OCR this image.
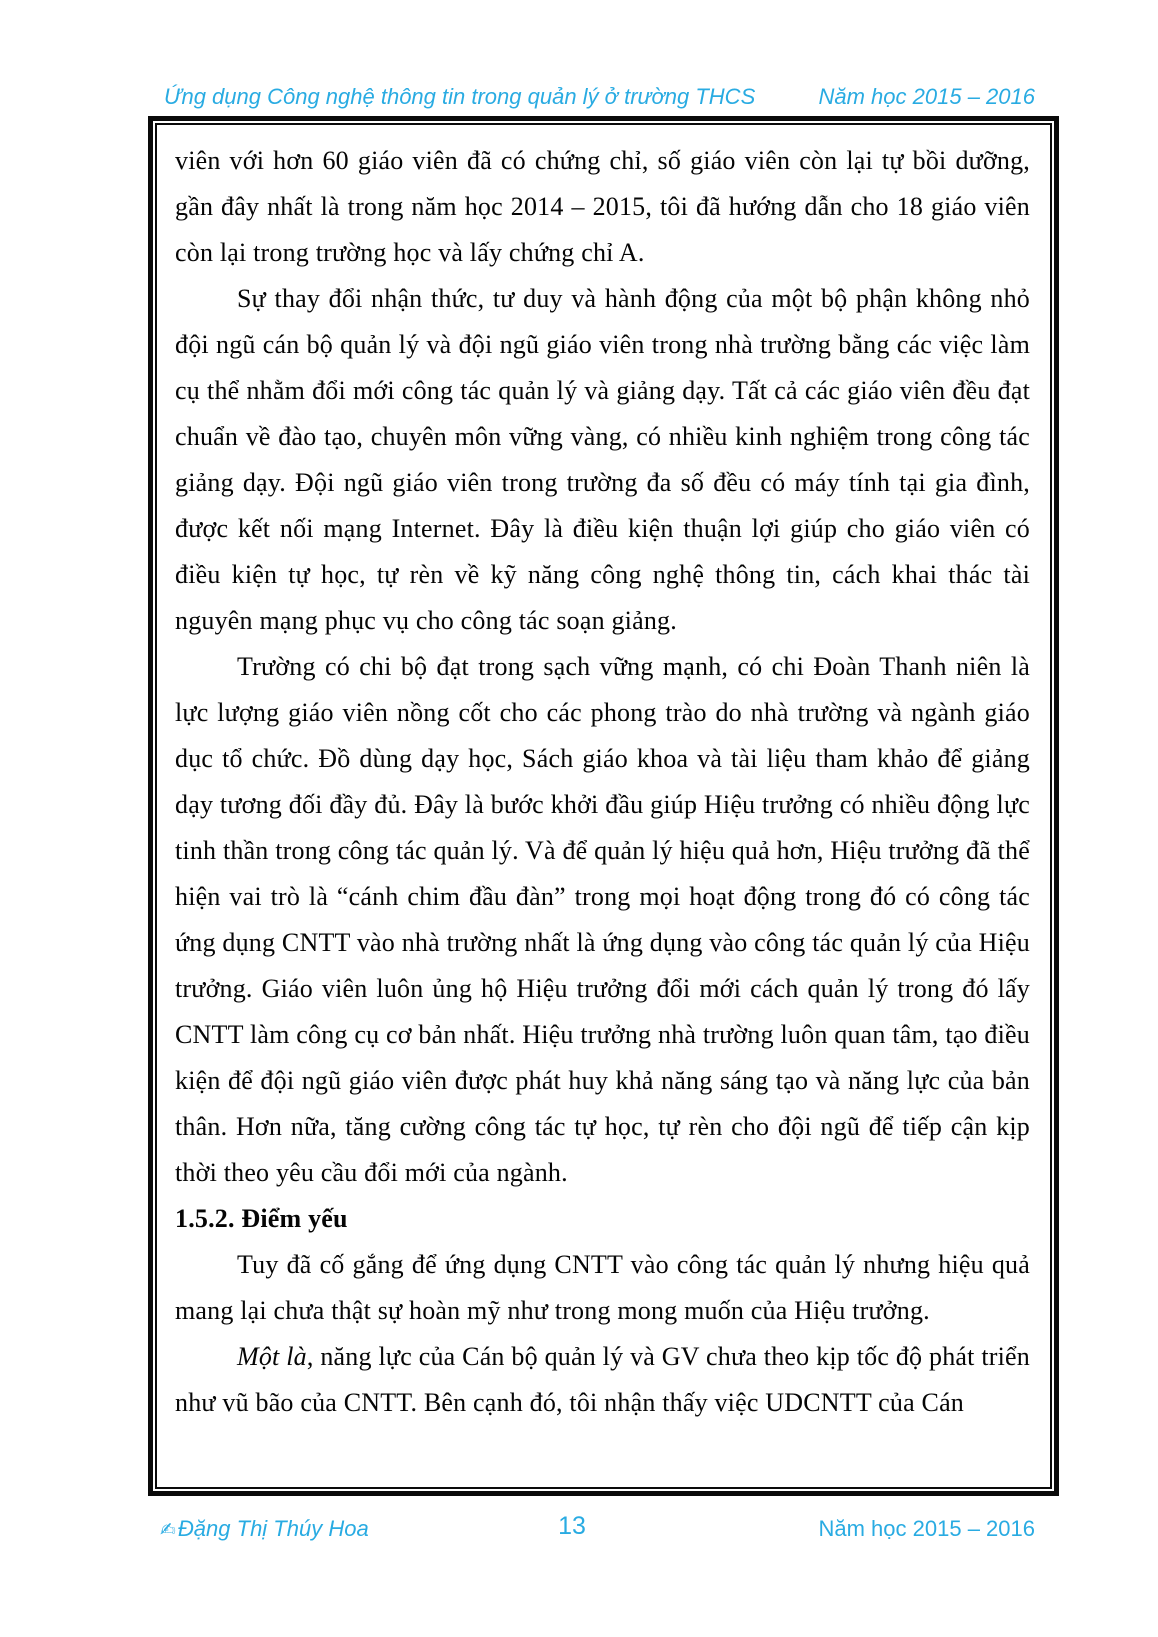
Ứng dụng Công nghệ thông tin trong quản lý ở trường THCS	Năm học 2015 – 2016

viên với hơn 60 giáo viên đã có chứng chỉ, số giáo viên còn lại tự bồi dưỡng, gần đây nhất là trong năm học 2014 – 2015, tôi đã hướng dẫn cho 18 giáo viên còn lại trong trường học và lấy chứng chỉ A.

Sự thay đổi nhận thức, tư duy và hành động của một bộ phận không nhỏ đội ngũ cán bộ quản lý và đội ngũ giáo viên trong nhà trường bằng các việc làm cụ thể nhằm đổi mới công tác quản lý và giảng dạy. Tất cả các giáo viên đều đạt chuẩn về đào tạo, chuyên môn vững vàng, có nhiều kinh nghiệm trong công tác giảng dạy. Đội ngũ giáo viên trong trường đa số đều có máy tính tại gia đình, được kết nối mạng Internet. Đây là điều kiện thuận lợi giúp cho giáo viên có điều kiện tự học, tự rèn về kỹ năng công nghệ thông tin, cách khai thác tài nguyên mạng phục vụ cho công tác soạn giảng.

Trường có chi bộ đạt trong sạch vững mạnh, có chi Đoàn Thanh niên là lực lượng giáo viên nồng cốt cho các phong trào do nhà trường và ngành giáo dục tổ chức. Đồ dùng dạy học, Sách giáo khoa và tài liệu tham khảo để giảng dạy tương đối đầy đủ. Đây là bước khởi đầu giúp Hiệu trưởng có nhiều động lực tinh thần trong công tác quản lý. Và để quản lý hiệu quả hơn, Hiệu trưởng đã thể hiện vai trò là “cánh chim đầu đàn” trong mọi hoạt động trong đó có công tác ứng dụng CNTT vào nhà trường nhất là ứng dụng vào công tác quản lý của Hiệu trưởng. Giáo viên luôn ủng hộ Hiệu trưởng đổi mới cách quản lý trong đó lấy CNTT làm công cụ cơ bản nhất. Hiệu trưởng nhà trường luôn quan tâm, tạo điều kiện để đội ngũ giáo viên được phát huy khả năng sáng tạo và năng lực của bản thân. Hơn nữa, tăng cường công tác tự học, tự rèn cho đội ngũ để tiếp cận kịp thời theo yêu cầu đổi mới của ngành.

1.5.2. Điểm yếu

Tuy đã cố gắng để ứng dụng CNTT vào công tác quản lý nhưng hiệu quả mang lại chưa thật sự hoàn mỹ như trong mong muốn của Hiệu trưởng.

Một là, năng lực của Cán bộ quản lý và GV chưa theo kịp tốc độ phát triển như vũ bão của CNTT. Bên cạnh đó, tôi nhận thấy việc UDCNTT của Cán

✍Đặng Thị Thúy Hoa	13	Năm học 2015 – 2016
